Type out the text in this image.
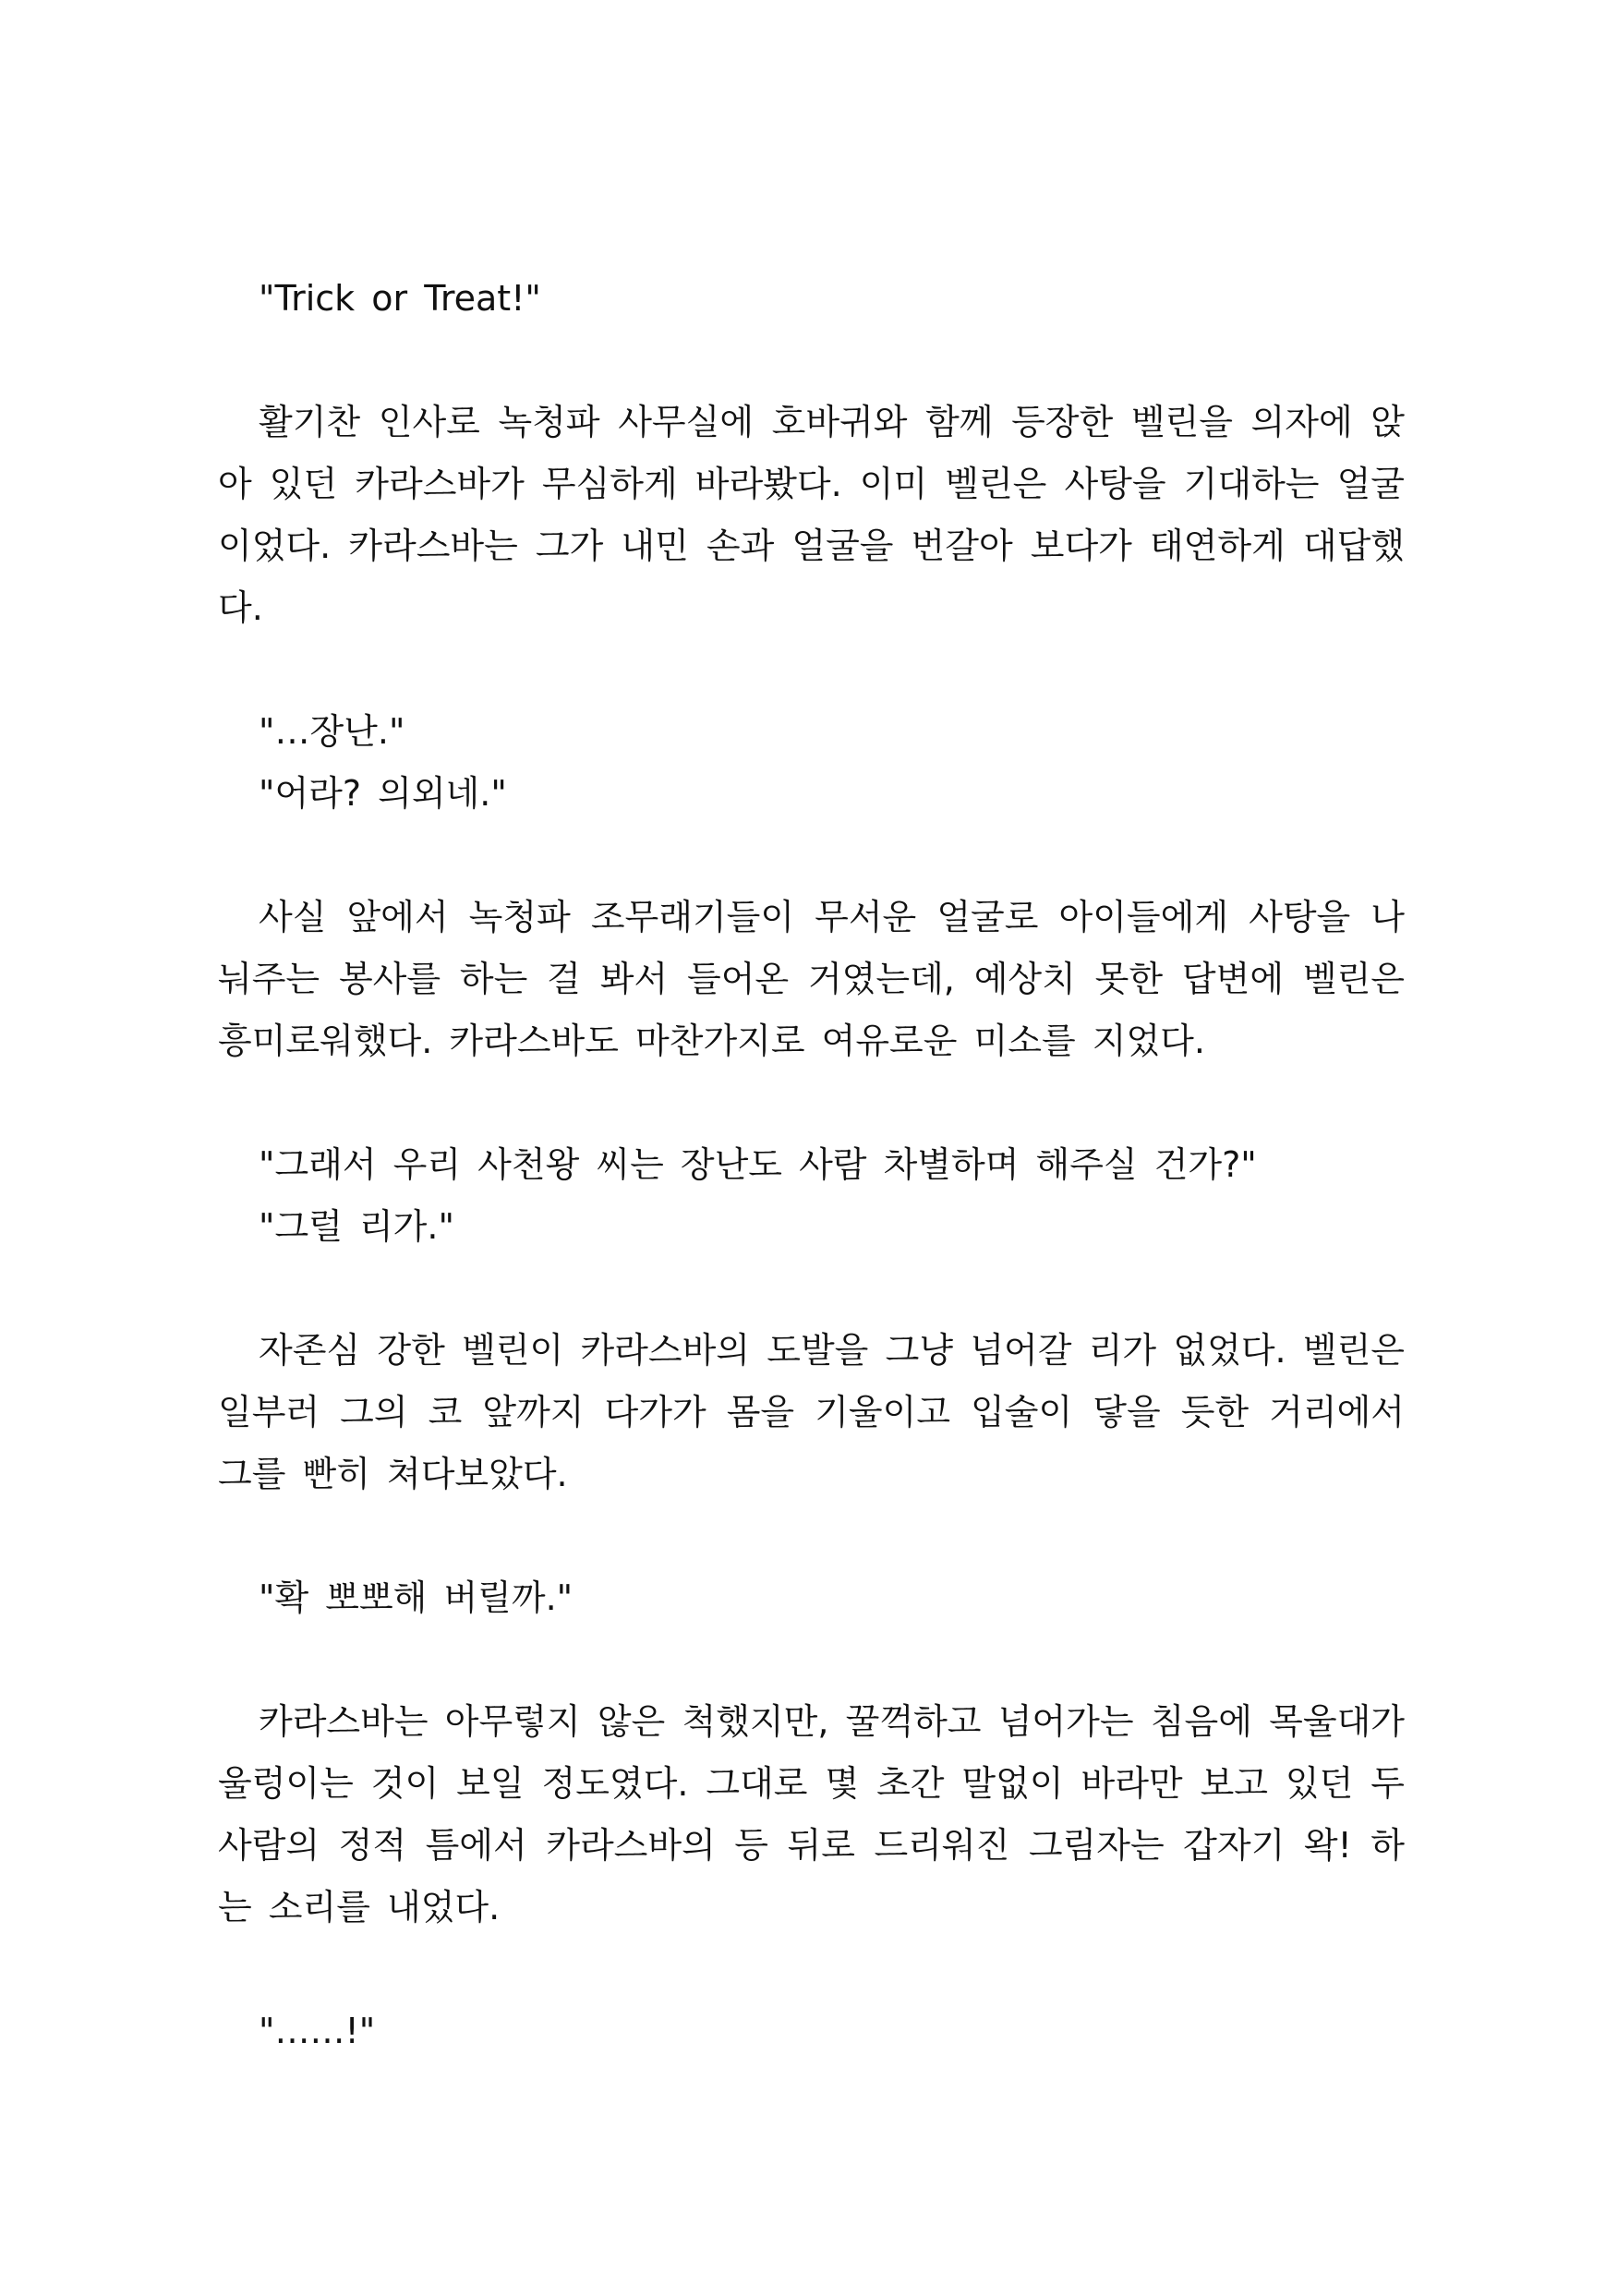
"Trick or Treat!"

활기찬 인사로 녹청파 사무실에 호바귀와 함께 등장한 벨린을 의자에 앉아 있던 카라스바가 무심하게 바라봤다. 이미 벨린은 사탕을 기대하는 얼굴이었다. 카라스바는 그가 내민 손과 얼굴을 번갈아 보다가 태연하게 대답했다.

"…장난."

"어라? 의외네."

사실 앞에서 녹청파 조무래기들이 무서운 얼굴로 아이들에게 사탕을 나눠주는 봉사를 하는 걸 봐서 들어온 거였는데, 예상치 못한 답변에 벨린은 흥미로워했다. 카라스바도 마찬가지로 여유로운 미소를 지었다.

"그래서 우리 사천왕 씨는 장난도 사람 차별하며 해주실 건가?"

"그럴 리가."

자존심 강한 벨린이 카라스바의 도발을 그냥 넘어갈 리가 없었다. 벨린은 일부러 그의 코 앞까지 다가가 몸을 기울이고 입술이 닿을 듯한 거리에서 그를 빤히 쳐다보았다.

"확 뽀뽀해 버릴까."

카라스바는 아무렇지 않은 척했지만, 꿀꺽하고 넘어가는 침음에 목울대가 울렁이는 것이 보일 정도였다. 그대로 몇 초간 말없이 바라만 보고 있던 두 사람의 정적 틈에서 카라스바의 등 뒤로 드리워진 그림자는 갑자기 왁! 하는 소리를 내었다.

"……!"
